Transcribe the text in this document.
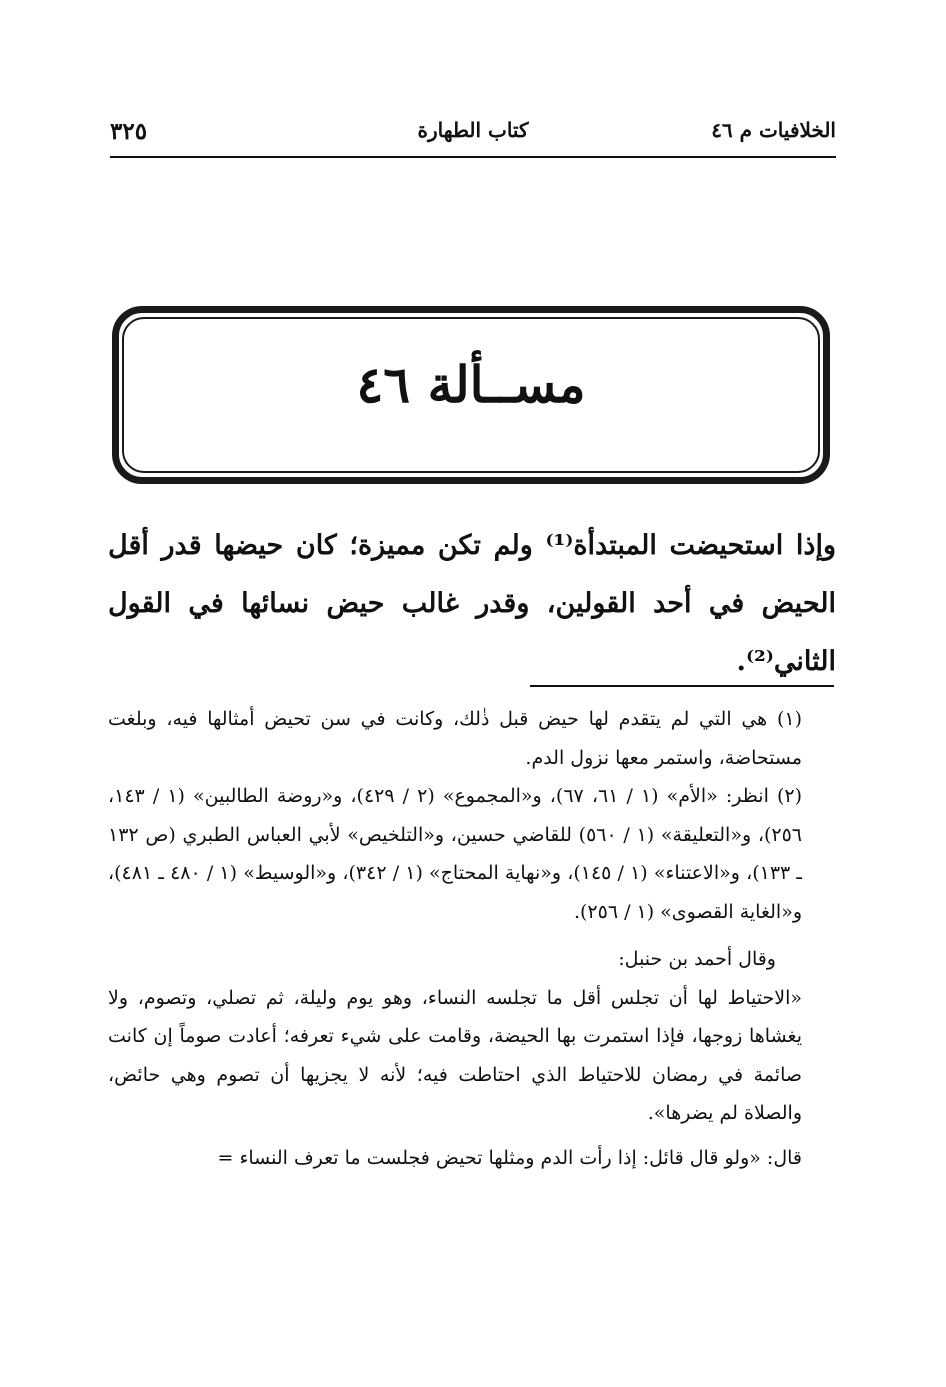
٣٢٥	كتاب الطهارة	الخلافيات م ٤٦
مســألة ٤٦
وإذا استحيضت المبتدأة⁽¹⁾ ولم تكن مميزة؛ كان حيضها قدر أقل الحيض في أحد القولين، وقدر غالب حيض نسائها في القول الثاني⁽²⁾.

(١) هي التي لم يتقدم لها حيض قبل ذٰلك، وكانت في سن تحيض أمثالها فيه، وبلغت مستحاضة، واستمر معها نزول الدم.

(٢) انظر: «الأم» (١ / ٦١، ٦٧)، و«المجموع» (٢ / ٤٢٩)، و«روضة الطالبين» (١ / ١٤٣، ٢٥٦)، و«التعليقة» (١ / ٥٦٠) للقاضي حسين، و«التلخيص» لأبي العباس الطبري (ص ١٣٢ ـ ١٣٣)، و«الاعتناء» (١ / ١٤٥)، و«نهاية المحتاج» (١ / ٣٤٢)، و«الوسيط» (١ / ٤٨٠ ـ ٤٨١)، و«الغاية القصوى» (١ / ٢٥٦).

وقال أحمد بن حنبل:

«الاحتياط لها أن تجلس أقل ما تجلسه النساء، وهو يوم وليلة، ثم تصلي، وتصوم، ولا يغشاها زوجها، فإذا استمرت بها الحيضة، وقامت على شيء تعرفه؛ أعادت صوماً إن كانت صائمة في رمضان للاحتياط الذي احتاطت فيه؛ لأنه لا يجزيها أن تصوم وهي حائض، والصلاة لم يضرها».

قال: «ولو قال قائل: إذا رأت الدم ومثلها تحيض فجلست ما تعرف النساء =
